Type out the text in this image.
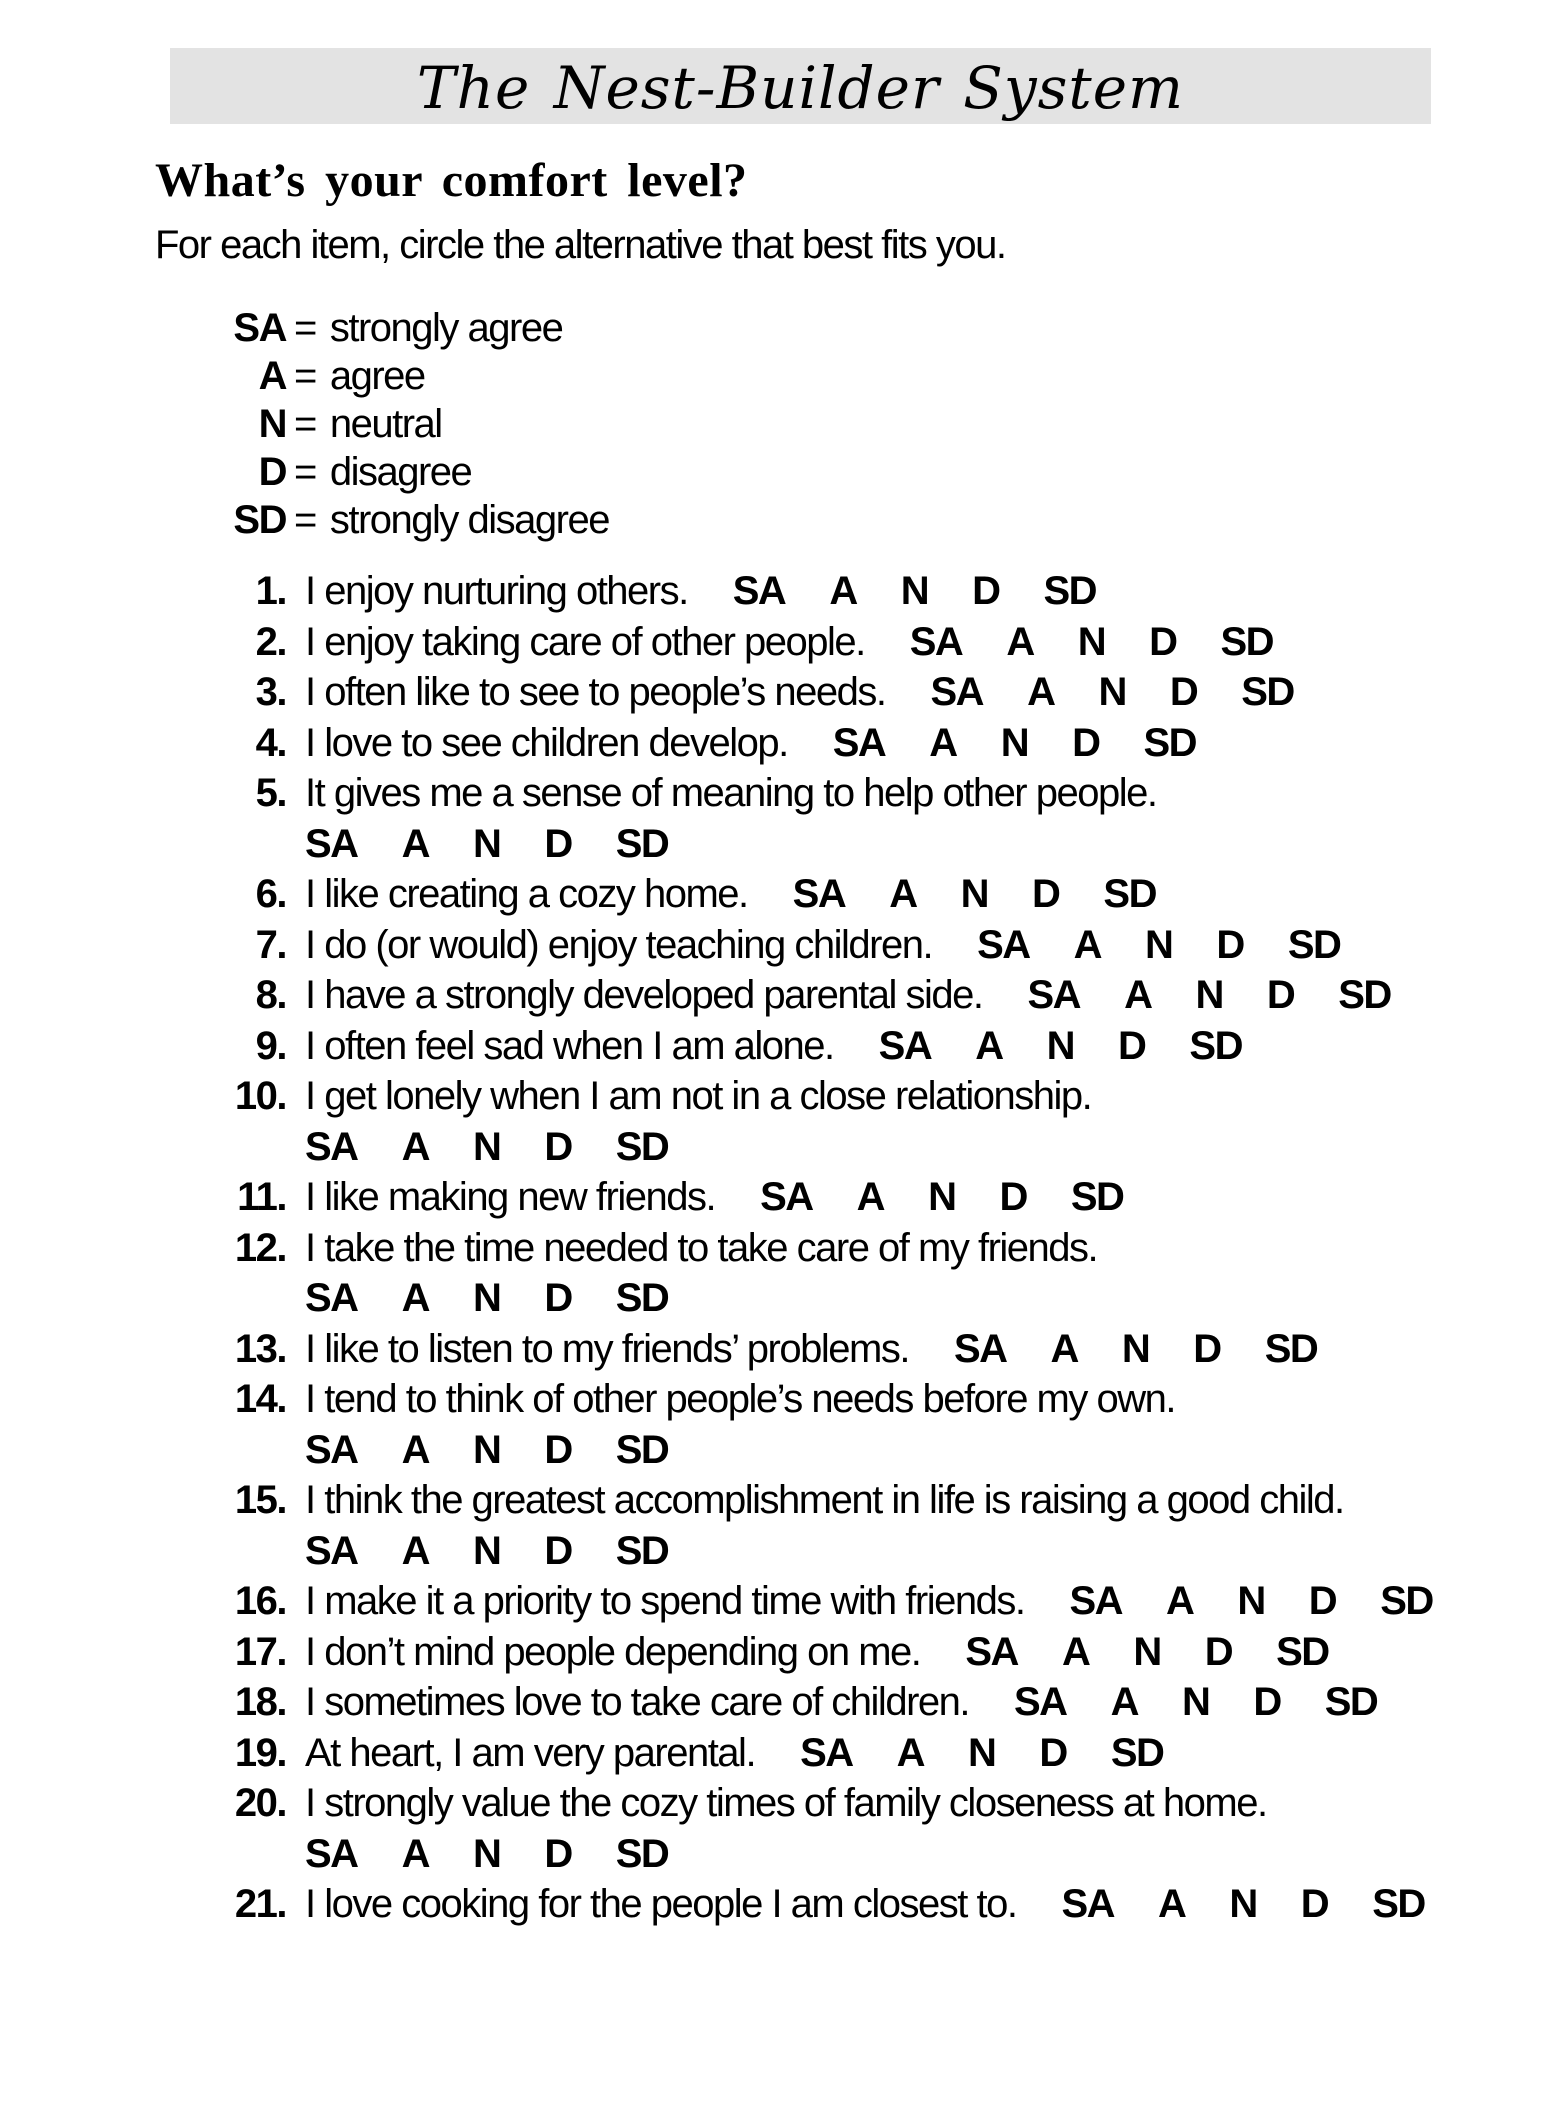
The Nest-Builder System
What’s your comfort level?
For each item, circle the alternative that best fits you.
SA = strongly agree
A = agree
N = neutral
D = disagree
SD = strongly disagree
1. I enjoy nurturing others. SA A N D SD
2. I enjoy taking care of other people. SA A N D SD
3. I often like to see to people’s needs. SA A N D SD
4. I love to see children develop. SA A N D SD
5. It gives me a sense of meaning to help other people.
SA A N D SD
6. I like creating a cozy home. SA A N D SD
7. I do (or would) enjoy teaching children. SA A N D SD
8. I have a strongly developed parental side. SA A N D SD
9. I often feel sad when I am alone. SA A N D SD
10. I get lonely when I am not in a close relationship.
SA A N D SD
11. I like making new friends. SA A N D SD
12. I take the time needed to take care of my friends.
SA A N D SD
13. I like to listen to my friends’ problems. SA A N D SD
14. I tend to think of other people’s needs before my own.
SA A N D SD
15. I think the greatest accomplishment in life is raising a good child.
SA A N D SD
16. I make it a priority to spend time with friends. SA A N D SD
17. I don’t mind people depending on me. SA A N D SD
18. I sometimes love to take care of children. SA A N D SD
19. At heart, I am very parental. SA A N D SD
20. I strongly value the cozy times of family closeness at home.
SA A N D SD
21. I love cooking for the people I am closest to. SA A N D SD
